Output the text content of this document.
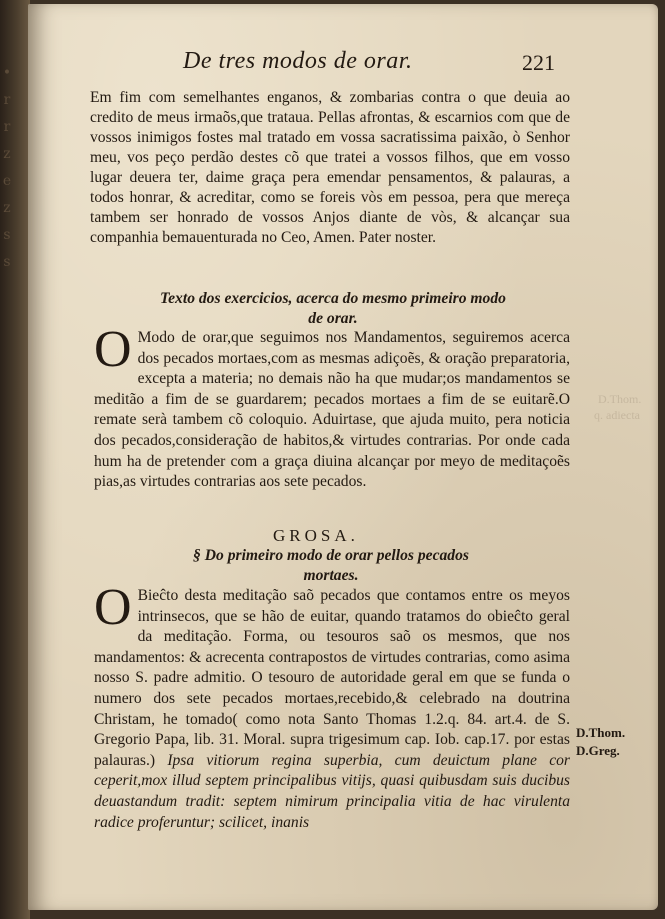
•
r
r
z
e
z
s
s
D.Thom.
q. adiecta
De tres modos de orar.	221

Em fim com semelhantes enganos, & zombarias contra o que deuia ao credito de meus irmaõs,que trataua. Pellas afrontas, & escarnios com que de vossos inimigos fostes mal tratado em vossa sacratissima paixão, ò Senhor meu, vos peço perdão destes cõ que tratei a vossos filhos, que em vosso lugar deuera ter, daime graça pera emendar pensamentos, & palauras, a todos honrar, & acreditar, como se foreis vòs em pessoa, pera que mereça tambem ser honrado de vossos Anjos diante de vòs, & alcançar sua companhia bemauenturada no Ceo, Amen. Pater noster.

Texto dos exercicios, acerca do mesmo primeiro modo
de orar.
O Modo de orar,que seguimos nos Mandamentos, seguiremos acerca dos pecados mortaes,com as mesmas adiçoẽs, & oração preparatoria, excepta a materia; no demais não ha que mudar;os mandamentos se meditão a fim de se guardarem; pecados mortaes a fim de se euitarẽ.O remate serà tambem cõ coloquio. Aduirtase, que ajuda muito, pera noticia dos pecados,consideração de habitos,& virtudes contrarias. Por onde cada hum ha de pretender com a graça diuina alcançar por meyo de meditaçoẽs pias,as virtudes contrarias aos sete pecados.
GROSA.
§ Do primeiro modo de orar pellos pecados
mortaes.
O Bieĉto desta meditação saõ pecados que contamos entre os meyos intrinsecos, que se hão de euitar, quando tratamos do obieĉto geral da meditação. Forma, ou tesouros saõ os mesmos, que nos mandamentos: & acrecenta contrapostos de virtudes contrarias, como asima nosso S. padre admitio. O tesouro de autoridade geral em que se funda o numero dos sete pecados mortaes,recebido,& celebrado na doutrina Christam, he tomado( como nota Santo Thomas 1.2.q. 84. art.4. de S. Gregorio Papa, lib. 31. Moral. supra trigesimum cap. Iob. cap.17. por estas palauras.) Ipsa vitiorum regina superbia, cum deuictum plane cor ceperit,mox illud septem principalibus vitijs, quasi quibusdam suis ducibus deuastandum tradit: septem nimirum principalia vitia de hac virulenta radice proferuntur; scilicet, inanis
D.Thom.
D.Greg.
